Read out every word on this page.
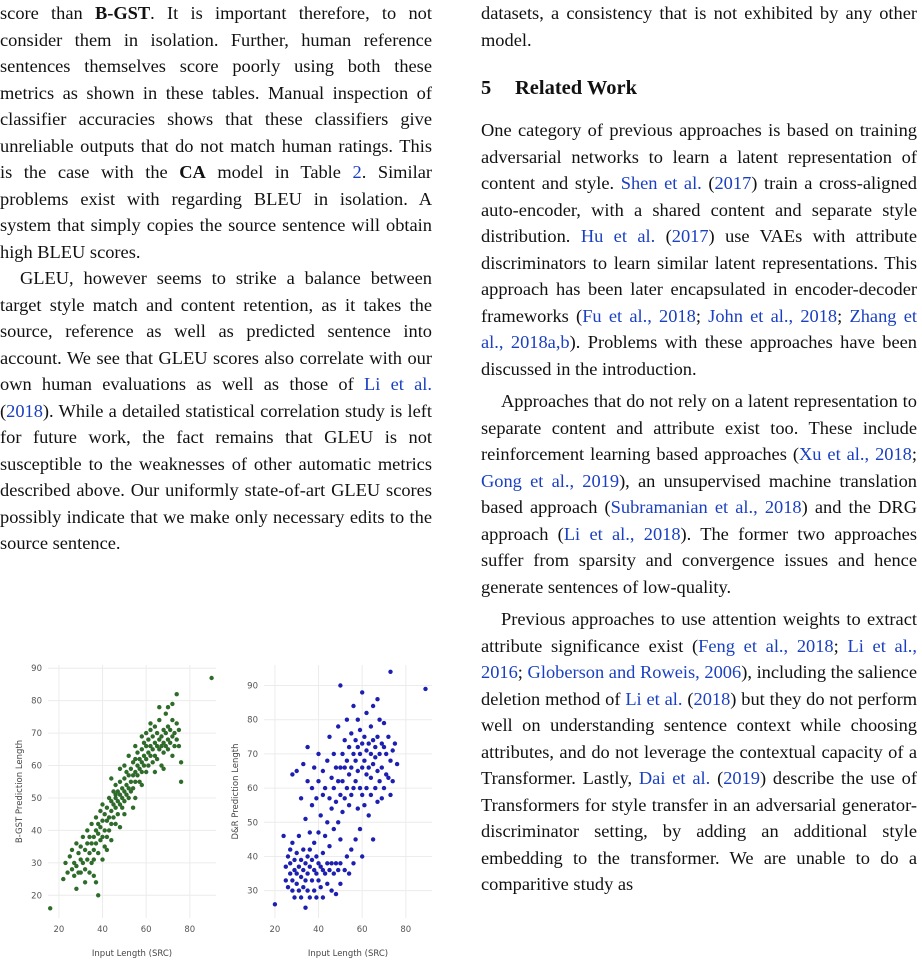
score than B-GST. It is important therefore, to not consider them in isolation. Further, human reference sentences themselves score poorly using both these metrics as shown in these tables. Manual inspection of classifier accuracies shows that these classifiers give unreliable outputs that do not match human ratings. This is the case with the CA model in Table 2. Similar problems exist with regarding BLEU in isolation. A system that simply copies the source sentence will obtain high BLEU scores.

GLEU, however seems to strike a balance between target style match and content retention, as it takes the source, reference as well as predicted sentence into account. We see that GLEU scores also correlate with our own human evaluations as well as those of Li et al. (2018). While a detailed statistical correlation study is left for future work, the fact remains that GLEU is not susceptible to the weaknesses of other automatic metrics described above. Our uniformly state-of-art GLEU scores possibly indicate that we make only necessary edits to the source sentence.

20
30
40
50
60
70
80
90
20	40	60	80
Input Length (SRC)
B-GST Prediction Length
30
40
50
60
70
80
90
20	40	60	80
Input Length (SRC)
D&R Prediction Length

datasets, a consistency that is not exhibited by any other model.

5 Related Work

One category of previous approaches is based on training adversarial networks to learn a latent representation of content and style. Shen et al. (2017) train a cross-aligned auto-encoder, with a shared content and separate style distribution. Hu et al. (2017) use VAEs with attribute discriminators to learn similar latent representations. This approach has been later encapsulated in encoder-decoder frameworks (Fu et al., 2018; John et al., 2018; Zhang et al., 2018a,b). Problems with these approaches have been discussed in the introduction.

Approaches that do not rely on a latent representation to separate content and attribute exist too. These include reinforcement learning based approaches (Xu et al., 2018; Gong et al., 2019), an unsupervised machine translation based approach (Subramanian et al., 2018) and the DRG approach (Li et al., 2018). The former two approaches suffer from sparsity and convergence issues and hence generate sentences of low-quality.

Previous approaches to use attention weights to extract attribute significance exist (Feng et al., 2018; Li et al., 2016; Globerson and Roweis, 2006), including the salience deletion method of Li et al. (2018) but they do not perform well on understanding sentence context while choosing attributes, and do not leverage the contextual capacity of a Transformer. Lastly, Dai et al. (2019) describe the use of Transformers for style transfer in an adversarial generator-discriminator setting, by adding an additional style embedding to the transformer. We are unable to do a comparitive study as
